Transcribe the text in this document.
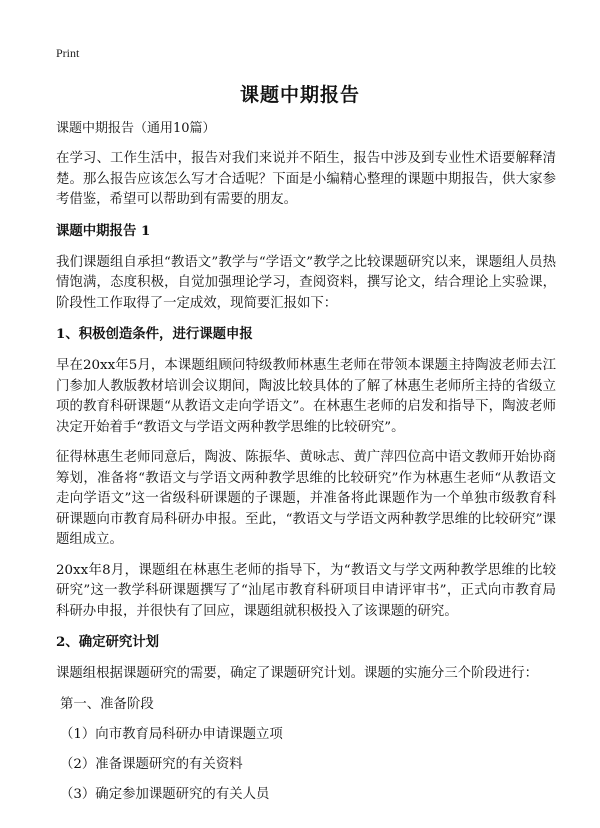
Print
课题中期报告
课题中期报告（通用10篇）

在学习、工作生活中，报告对我们来说并不陌生，报告中涉及到专业性术语要解释清楚。那么报告应该怎么写才合适呢？下面是小编精心整理的课题中期报告，供大家参考借鉴，希望可以帮助到有需要的朋友。

课题中期报告 1

我们课题组自承担“教语文”教学与“学语文”教学之比较课题研究以来，课题组人员热情饱满，态度积极，自觉加强理论学习，查阅资料，撰写论文，结合理论上实验课，阶段性工作取得了一定成效，现简要汇报如下：

1、积极创造条件，进行课题申报

早在20xx年5月，本课题组顾问特级教师林惠生老师在带领本课题主持陶波老师去江门参加人教版教材培训会议期间，陶波比较具体的了解了林惠生老师所主持的省级立项的教育科研课题“从教语文走向学语文”。在林惠生老师的启发和指导下，陶波老师决定开始着手“教语文与学语文两种教学思维的比较研究”。

征得林惠生老师同意后，陶波、陈振华、黄咏志、黄广萍四位高中语文教师开始协商筹划，准备将“教语文与学语文两种教学思维的比较研究”作为林惠生老师“从教语文走向学语文”这一省级科研课题的子课题，并准备将此课题作为一个单独市级教育科研课题向市教育局科研办申报。至此，“教语文与学语文两种教学思维的比较研究”课题组成立。

20xx年8月，课题组在林惠生老师的指导下，为“教语文与学文两种教学思维的比较研究”这一教学科研课题撰写了“汕尾市教育科研项目申请评审书”，正式向市教育局科研办申报，并很快有了回应，课题组就积极投入了该课题的研究。

2、确定研究计划

课题组根据课题研究的需要，确定了课题研究计划。课题的实施分三个阶段进行：

第一、准备阶段
（1）向市教育局科研办申请课题立项
（2）准备课题研究的有关资料
（3）确定参加课题研究的有关人员
